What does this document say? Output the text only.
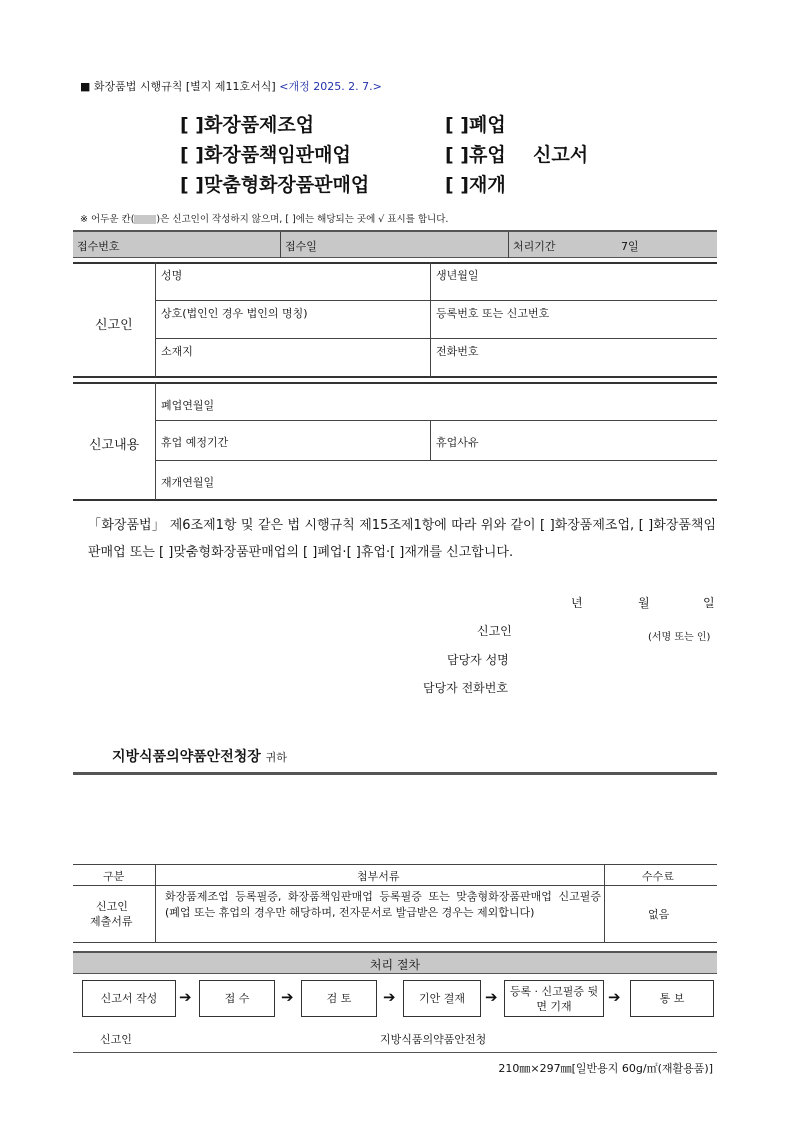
■ 화장품법 시행규칙 [별지 제11호서식] <개정 2025. 2. 7.>
[ ]화장품제조업	[ ]폐업
[ ]화장품책임판매업	[ ]휴업 신고서
[ ]맞춤형화장품판매업	[ ]재개
※ 어두운 칸( )은 신고인이 작성하지 않으며, [ ]에는 해당되는 곳에 √ 표시를 합니다.
접수번호	접수일	처리기간	7일
신고인
성명	생년월일
상호(법인인 경우 법인의 명칭)	등록번호 또는 신고번호
소재지	전화번호
신고내용
폐업연월일
휴업 예정기간	휴업사유
재개연월일
「화장품법」 제6조제1항 및 같은 법 시행규칙 제15조제1항에 따라 위와 같이 [ ]화장품제조업, [ ]화장품책임판매업 또는 [ ]맞춤형화장품판매업의 [ ]폐업·[ ]휴업·[ ]재개를 신고합니다.
년	월	일
신고인	(서명 또는 인)
담당자 성명
담당자 전화번호
지방식품의약품안전청장 귀하
구분	첨부서류	수수료
신고인
제출서류
화장품제조업 등록필증, 화장품책임판매업 등록필증 또는 맞춤형화장품판매업 신고필증 (폐업 또는 휴업의 경우만 해당하며, 전자문서로 발급받은 경우는 제외합니다)	없음
처리 절차
신고서 작성	➔	접 수	➔	검 토	➔	기안 결재	➔	등록 · 신고필증 뒷면 기재	➔	통 보
신고인	지방식품의약품안전청
210㎜×297㎜[일반용지 60g/㎡(재활용품)]
